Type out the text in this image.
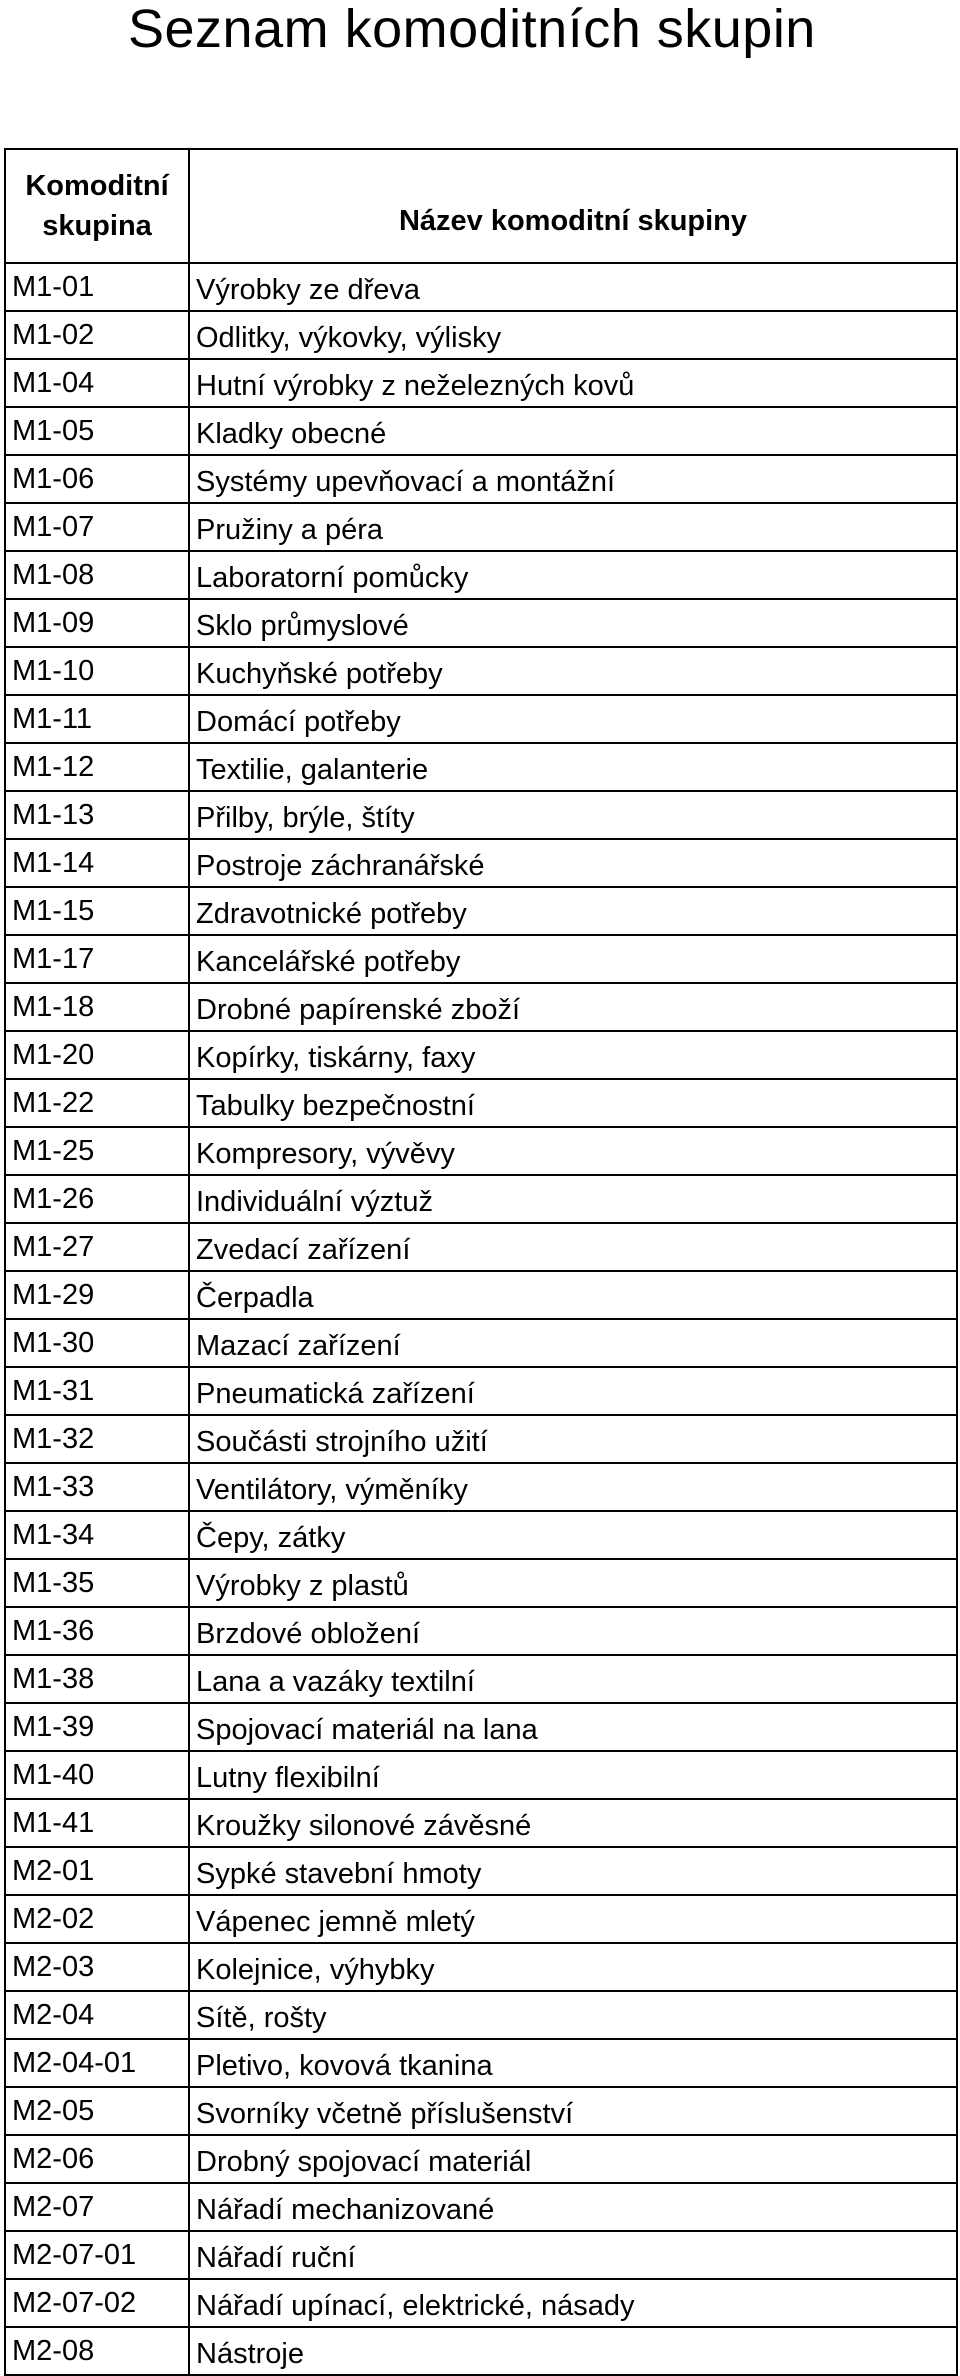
Seznam komoditních skupin
Komoditní skupina	Název komoditní skupiny
M1-01	Výrobky ze dřeva
M1-02	Odlitky, výkovky, výlisky
M1-04	Hutní výrobky z neželezných kovů
M1-05	Kladky obecné
M1-06	Systémy upevňovací a montážní
M1-07	Pružiny a péra
M1-08	Laboratorní pomůcky
M1-09	Sklo průmyslové
M1-10	Kuchyňské potřeby
M1-11	Domácí potřeby
M1-12	Textilie, galanterie
M1-13	Přilby, brýle, štíty
M1-14	Postroje záchranářské
M1-15	Zdravotnické potřeby
M1-17	Kancelářské potřeby
M1-18	Drobné papírenské zboží
M1-20	Kopírky, tiskárny, faxy
M1-22	Tabulky bezpečnostní
M1-25	Kompresory, vývěvy
M1-26	Individuální výztuž
M1-27	Zvedací zařízení
M1-29	Čerpadla
M1-30	Mazací zařízení
M1-31	Pneumatická zařízení
M1-32	Součásti strojního užití
M1-33	Ventilátory, výměníky
M1-34	Čepy, zátky
M1-35	Výrobky z plastů
M1-36	Brzdové obložení
M1-38	Lana a vazáky textilní
M1-39	Spojovací materiál na lana
M1-40	Lutny flexibilní
M1-41	Kroužky silonové závěsné
M2-01	Sypké stavební hmoty
M2-02	Vápenec jemně mletý
M2-03	Kolejnice, výhybky
M2-04	Sítě, rošty
M2-04-01	Pletivo, kovová tkanina
M2-05	Svorníky včetně příslušenství
M2-06	Drobný spojovací materiál
M2-07	Nářadí mechanizované
M2-07-01	Nářadí ruční
M2-07-02	Nářadí upínací, elektrické, násady
M2-08	Nástroje
